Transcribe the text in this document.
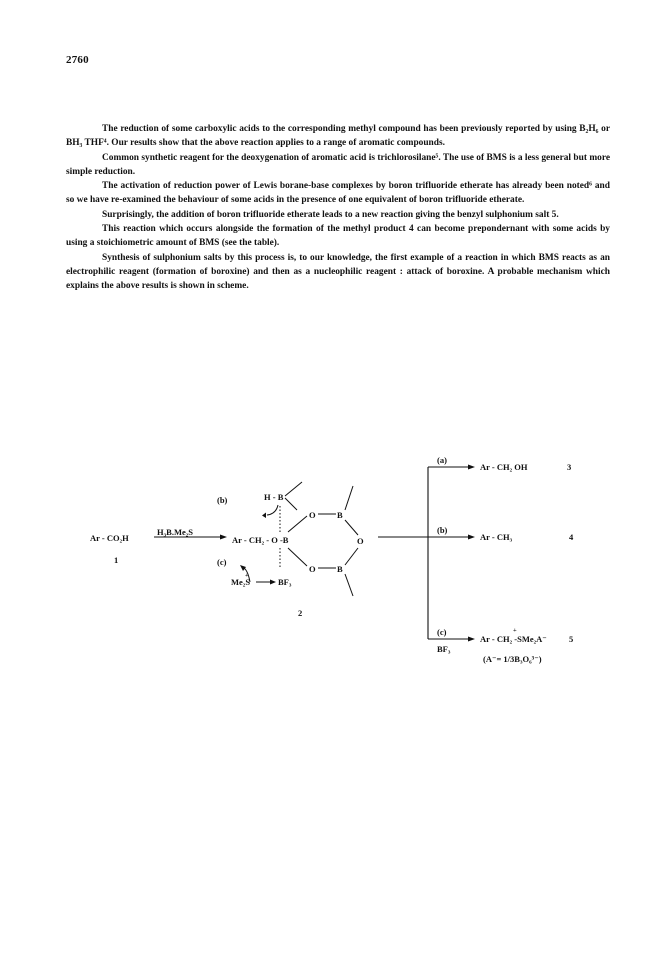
2760

The reduction of some carboxylic acids to the corresponding methyl compound has been previously reported by using B₂H₆ or BH₃ THF⁴. Our results show that the above reaction applies to a range of aromatic compounds.

Common synthetic reagent for the deoxygenation of aromatic acid is trichlorosilane⁵. The use of BMS is a less general but more simple reduction.

The activation of reduction power of Lewis borane-base complexes by boron trifluoride etherate has already been noted⁶ and so we have re-examined the behaviour of some acids in the presence of one equivalent of boron trifluoride etherate.

Surprisingly, the addition of boron trifluoride etherate leads to a new reaction giving the benzyl sulphonium salt 5.

This reaction which occurs alongside the formation of the methyl product 4 can become prepondernant with some acids by using a stoichiometric amount of BMS (see the table).

Synthesis of sulphonium salts by this process is, to our knowledge, the first example of a reaction in which BMS reacts as an electrophilic reagent (formation of boroxine) and then as a nucleophilic reagent : attack of boroxine. A probable mechanism which explains the above results is shown in scheme.

Ar - CO₂H
1
H₃B.Me₂S
H - B
(b)
Ar - CH₂ - O -B
(c)
+
Me₂S	BF₃
O	B
O
B
O
2
(a)
Ar - CH₂ OH	3
(b)
Ar - CH₃	4
(c)
BF₃
+
Ar - CH₂ -SMe₂A⁻	5
(A⁻= 1/3B₃O₆³⁻)
